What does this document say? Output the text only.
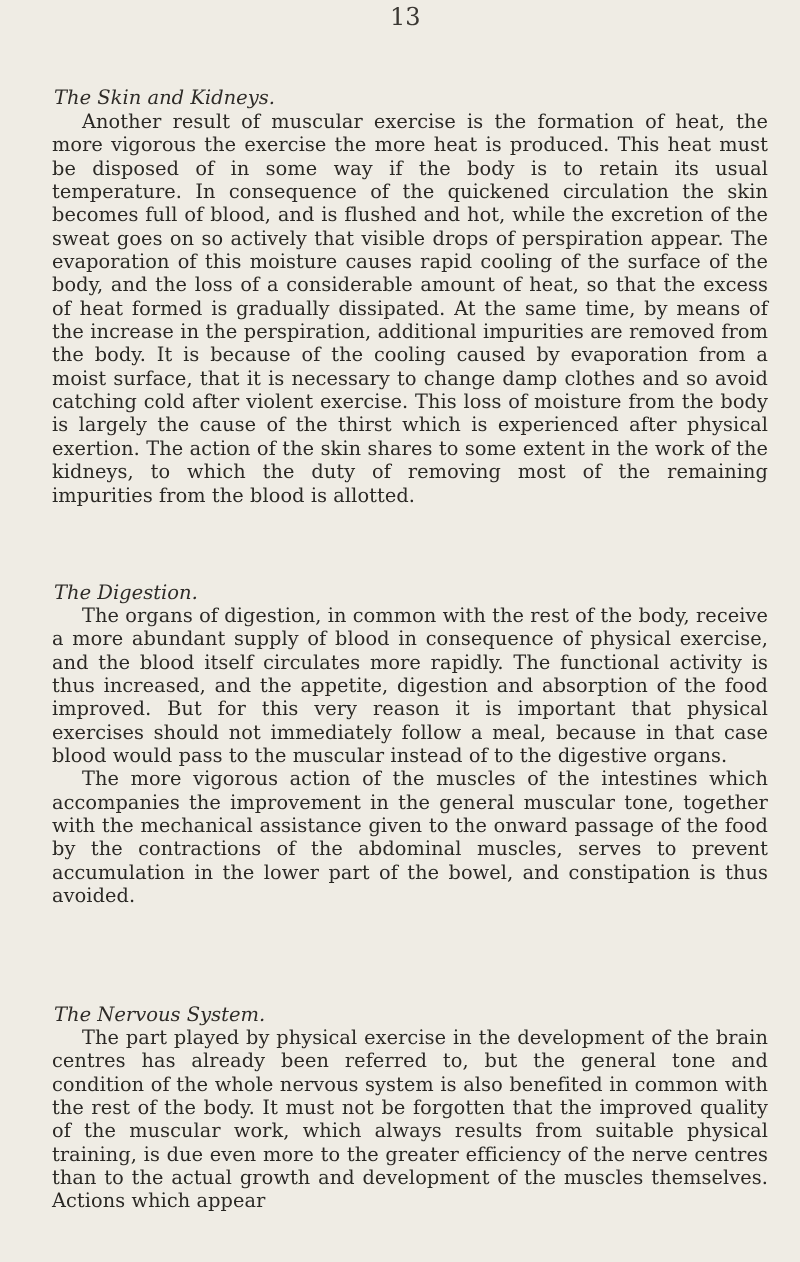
13
The Skin and Kidneys.

Another result of muscular exercise is the formation of heat, the more vigorous the exercise the more heat is produced. This heat must be disposed of in some way if the body is to retain its usual temperature. In consequence of the quickened circulation the skin becomes full of blood, and is flushed and hot, while the excretion of the sweat goes on so actively that visible drops of perspiration appear. The evaporation of this moisture causes rapid cooling of the surface of the body, and the loss of a considerable amount of heat, so that the excess of heat formed is gradually dissipated. At the same time, by means of the increase in the perspiration, additional impurities are removed from the body. It is because of the cooling caused by evaporation from a moist surface, that it is necessary to change damp clothes and so avoid catching cold after violent exercise. This loss of moisture from the body is largely the cause of the thirst which is experienced after physical exertion. The action of the skin shares to some extent in the work of the kidneys, to which the duty of removing most of the remaining impurities from the blood is allotted.

The Digestion.

The organs of digestion, in common with the rest of the body, receive a more abundant supply of blood in consequence of physical exercise, and the blood itself circulates more rapidly. The functional activity is thus increased, and the appetite, digestion and absorption of the food improved. But for this very reason it is important that physical exercises should not immediately follow a meal, because in that case blood would pass to the muscular instead of to the digestive organs.

The more vigorous action of the muscles of the intestines which accompanies the improvement in the general muscular tone, together with the mechanical assistance given to the onward passage of the food by the contractions of the abdominal muscles, serves to prevent accumulation in the lower part of the bowel, and constipation is thus avoided.

The Nervous System.

The part played by physical exercise in the development of the brain centres has already been referred to, but the general tone and condition of the whole nervous system is also benefited in common with the rest of the body. It must not be forgotten that the improved quality of the muscular work, which always results from suitable physical training, is due even more to the greater efficiency of the nerve centres than to the actual growth and development of the muscles themselves. Actions which appear
